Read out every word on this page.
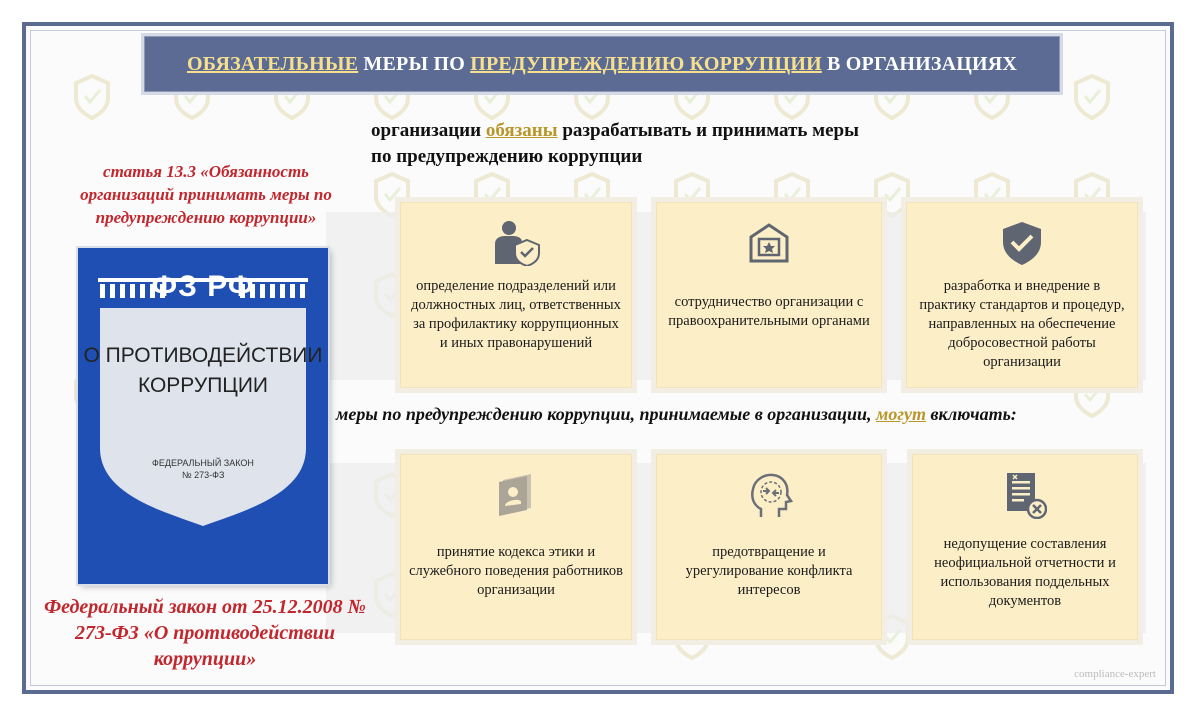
ОБЯЗАТЕЛЬНЫЕ МЕРЫ ПО ПРЕДУПРЕЖДЕНИЮ КОРРУПЦИИ В ОРГАНИЗАЦИЯХ
организации обязаны разрабатывать и принимать меры
по предупреждению коррупции
статья 13.3 «Обязанность организаций принимать меры по предупреждению коррупции»
ФЗ РФ
О ПРОТИВОДЕЙСТВИИ
КОРРУПЦИИ
ФЕДЕРАЛЬНЫЙ ЗАКОН
№ 273-ФЗ
Федеральный закон от 25.12.2008 № 273-ФЗ «О противодействии коррупции»
определение подразделений или должностных лиц, ответственных за профилактику коррупционных и иных правонарушений
сотрудничество организации с правоохранительными органами
разработка и внедрение в практику стандартов и процедур, направленных на обеспечение добросовестной работы организации
меры по предупреждению коррупции, принимаемые в организации, могут включать:
принятие кодекса этики и служебного поведения работников организации
предотвращение и урегулирование конфликта интересов
недопущение составления неофициальной отчетности и использования поддельных документов
compliance-expert
